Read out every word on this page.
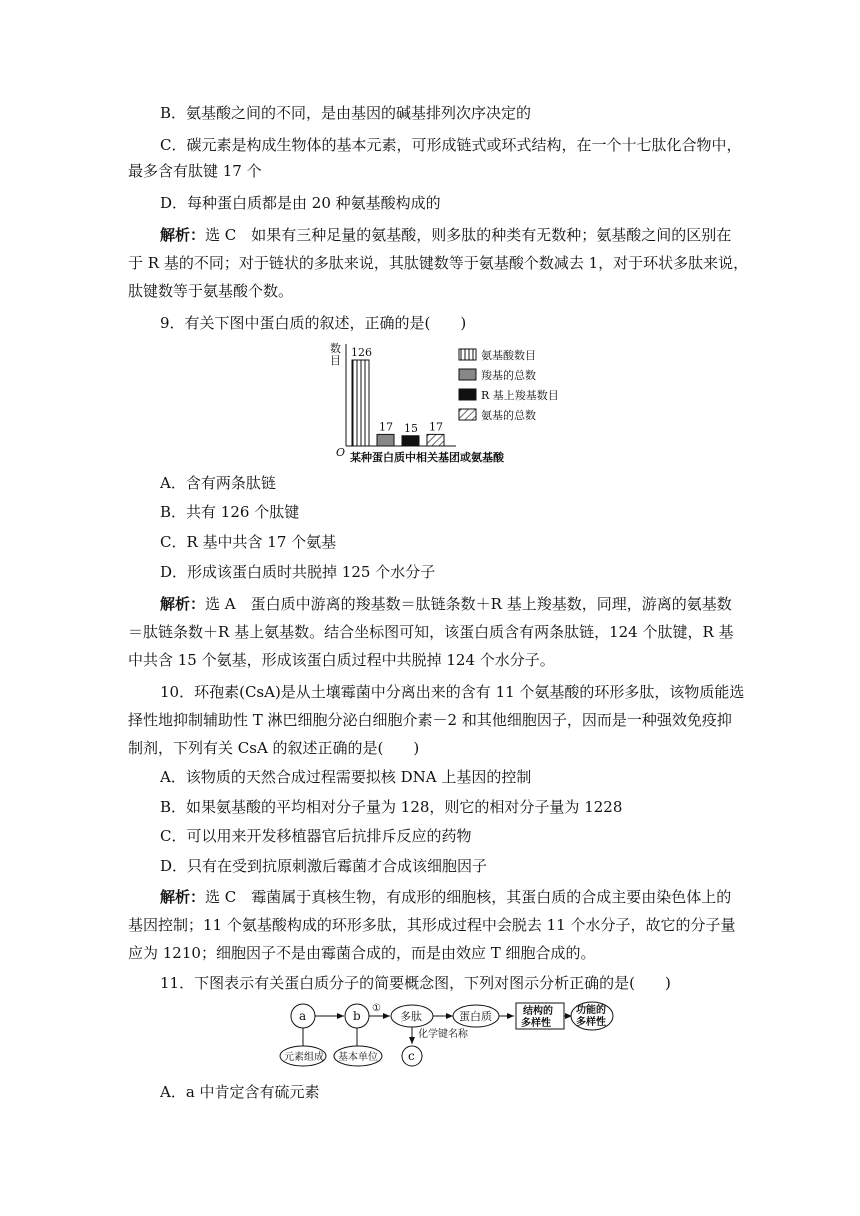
B．氨基酸之间的不同，是由基因的碱基排列次序决定的
C．碳元素是构成生物体的基本元素，可形成链式或环式结构，在一个十七肽化合物中，
最多含有肽键 17 个
D．每种蛋白质都是由 20 种氨基酸构成的
解析：选 C　 如果有三种足量的氨基酸，则多肽的种类有无数种；氨基酸之间的区别在
于 R 基的不同；对于链状的多肽来说，其肽键数等于氨基酸个数减去 1，对于环状多肽来说，
肽键数等于氨基酸个数。
9．有关下图中蛋白质的叙述，正确的是(　　)
数
目
O 某种蛋白质中相关基团或氨基酸
126
17 15 17
氨基酸数目
羧基的总数
R 基上羧基数目
氨基的总数
A．含有两条肽链
B．共有 126 个肽键
C．R 基中共含 17 个氨基
D．形成该蛋白质时共脱掉 125 个水分子
解析：选 A　 蛋白质中游离的羧基数＝肽链条数＋R 基上羧基数，同理，游离的氨基数
＝肽链条数＋R 基上氨基数。结合坐标图可知，该蛋白质含有两条肽链，124 个肽键，R 基
中共含 15 个氨基，形成该蛋白质过程中共脱掉 124 个水分子。
10．环孢素(CsA)是从土壤霉菌中分离出来的含有 11 个氨基酸的环形多肽，该物质能选
择性地抑制辅助性 T 淋巴细胞分泌白细胞介素－2 和其他细胞因子，因而是一种强效免疫抑
制剂，下列有关 CsA 的叙述正确的是(　　)
A．该物质的天然合成过程需要拟核 DNA 上基因的控制
B．如果氨基酸的平均相对分子量为 128，则它的相对分子量为 1228
C．可以用来开发移植器官后抗排斥反应的药物
D．只有在受到抗原刺激后霉菌才合成该细胞因子
解析：选 C　 霉菌属于真核生物，有成形的细胞核，其蛋白质的合成主要由染色体上的
基因控制；11 个氨基酸构成的环形多肽，其形成过程中会脱去 11 个水分子，故它的分子量
应为 1210；细胞因子不是由霉菌合成的，而是由效应 T 细胞合成的。
11．下图表示有关蛋白质分子的简要概念图，下列对图示分析正确的是(　　)
a	b
①
多肽	蛋白质	结构的
多样性
功能的
多样性
元素组成 基本单位
化学键名称
c
A．a 中肯定含有硫元素
